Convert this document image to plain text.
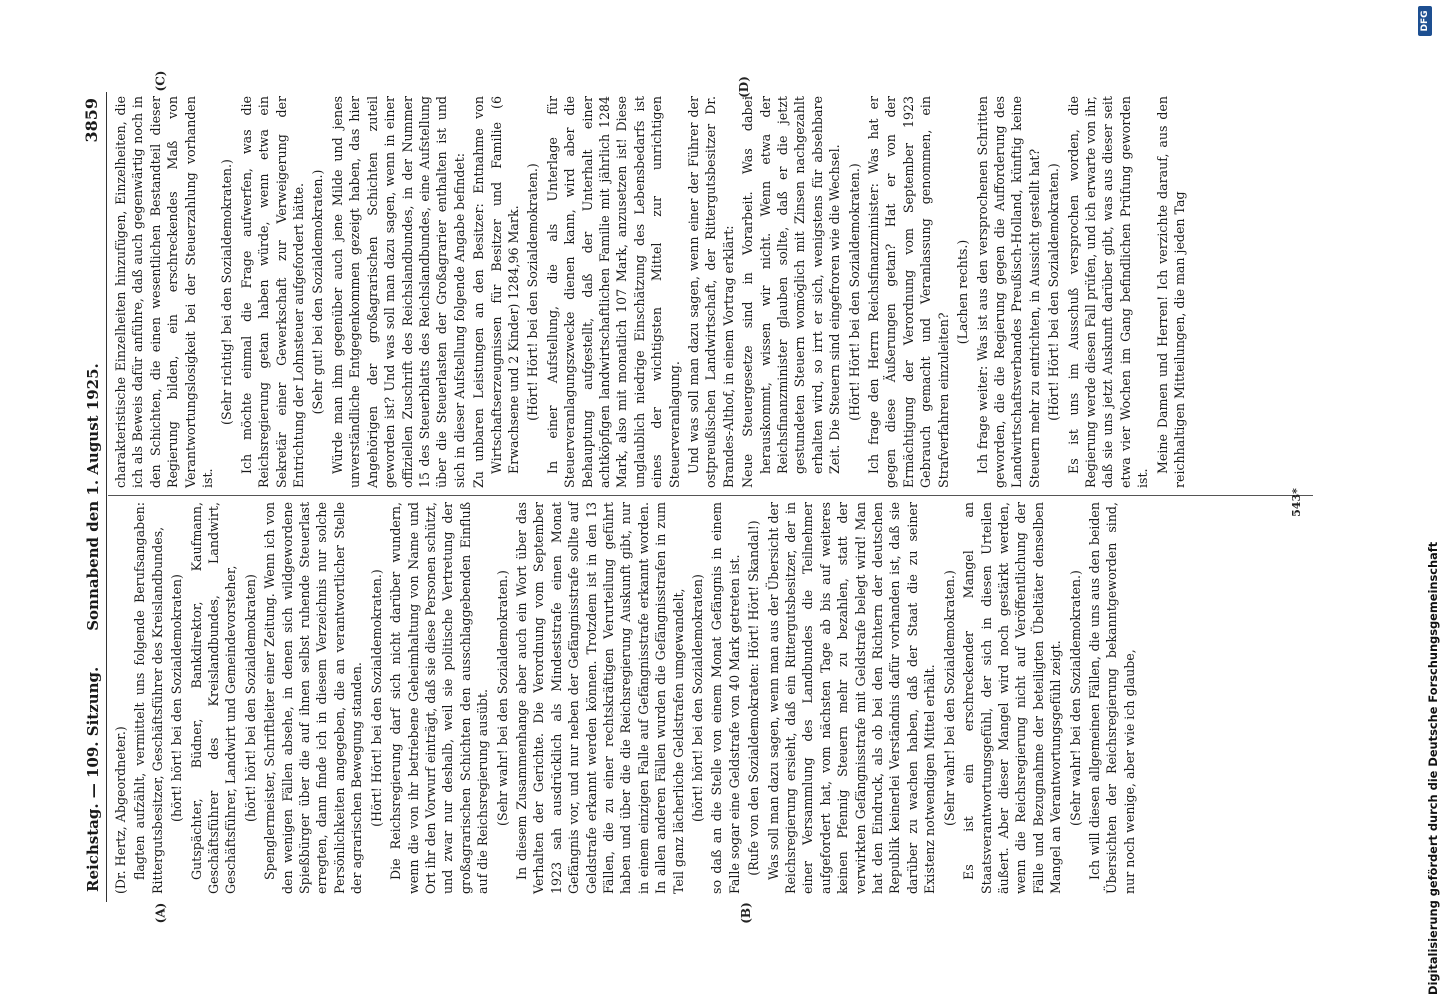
Reichstag. — 109. Sitzung.
Sonnabend den 1. August 1925.
3859

(Dr. Hertz, Abgeordneter.) flagten aufzählt, vermittelt uns folgende Berufsangaben: Rittergutsbesitzer, Geschäftsführer des Kreislandbundes, (hört! hört! bei den Sozialdemokraten) Gutspächter, Büdner, Bankdirektor, Kaufmann, Geschäftsführer des Kreislandbundes, Landwirt, Geschäftsführer, Landwirt und Gemeindevorsteher, (hört! hört! bei den Sozialdemokraten) Spenglermeister, Schriftleiter einer Zeitung. Wenn ich von den wenigen Fällen absehe, in denen sich wildgewordene Spießbürger über die auf ihnen selbst ruhende Steuerlast erregten, dann finde ich in diesem Verzeichnis nur solche Persönlichkeiten angegeben, die an verantwortlicher Stelle der agrarischen Bewegung standen. (Hört! Hört! bei den Sozialdemokraten.) Die Reichsregierung darf sich nicht darüber wundern, wenn die von ihr betriebene Geheimhaltung von Name und Ort ihr den Vorwurf einträgt, daß sie diese Personen schützt, und zwar nur deshalb, weil sie politische Vertretung der großagrarischen Schichten den ausschlaggebenden Einfluß auf die Reichsregierung ausübt. (Sehr wahr! bei den Sozialdemokraten.) In diesem Zusammenhange aber auch ein Wort über das Verhalten der Gerichte. Die Verordnung vom September 1923 sah ausdrücklich als Mindeststrafe einen Monat Gefängnis vor, und nur neben der Gefängnisstrafe sollte auf Geldstrafe erkannt werden können. Trotzdem ist in den 13 Fällen, die zu einer rechtskräftigen Verurteilung geführt haben und über die die Reichsregierung Auskunft gibt, nur in einem einzigen Falle auf Gefängnisstrafe erkannt worden. In allen anderen Fällen wurden die Gefängnisstrafen in zum Teil ganz lächerliche Geldstrafen umgewandelt, (hört! hört! bei den Sozialdemokraten) so daß an die Stelle von einem Monat Gefängnis in einem Falle sogar eine Geldstrafe von 40 Mark getreten ist. (Rufe von den Sozialdemokraten: Hört! Hört! Skandal!) Was soll man dazu sagen, wenn man aus der Übersicht der Reichsregierung ersieht, daß ein Rittergutsbesitzer, der in einer Versammlung des Landbundes die Teilnehmer aufgefordert hat, vom nächsten Tage ab bis auf weiteres keinen Pfennig Steuern mehr zu bezahlen, statt der verwirkten Gefängnisstrafe mit Geldstrafe belegt wird! Man hat den Eindruck, als ob bei den Richtern der deutschen Republik keinerlei Verständnis dafür vorhanden ist, daß sie darüber zu wachen haben, daß der Staat die zu seiner Existenz notwendigen Mittel erhält. (Sehr wahr! bei den Sozialdemokraten.) Es ist ein erschreckender Mangel an Staatsverantwortungsgefühl, der sich in diesen Urteilen äußert. Aber dieser Mangel wird noch gestärkt werden, wenn die Reichsregierung nicht auf Veröffentlichung der Fälle und Bezugnahme der beteiligten Übeltäter denselben Mangel an Verantwortungsgefühl zeigt. (Sehr wahr! bei den Sozialdemokraten.) Ich will diesen allgemeinen Fällen, die uns aus den beiden Übersichten der Reichsregierung bekanntgeworden sind, nur noch wenige, aber wie ich glaube,

charakteristische Einzelheiten hinzufügen, Einzelheiten, die ich als Beweis dafür anführe, daß auch gegenwärtig noch in den Schichten, die einen wesentlichen Bestandteil dieser Regierung bilden, ein erschreckendes Maß von Verantwortungslosigkeit bei der Steuerzahlung vorhanden ist.

(Sehr richtig! bei den Sozialdemokraten.) Ich möchte einmal die Frage aufwerfen, was die Reichsregierung getan haben würde, wenn etwa ein Sekretär einer Gewerkschaft zur Verweigerung der Entrichtung der Lohnsteuer aufgefordert hätte. (Sehr gut! bei den Sozialdemokraten.) Würde man ihm gegenüber auch jene Milde und jenes unverständliche Entgegenkommen gezeigt haben, das hier Angehörigen der großagrarischen Schichten zuteil geworden ist? Und was soll man dazu sagen, wenn in einer offiziellen Zuschrift des Reichslandbundes, in der Nummer 15 des Steuerblatts des Reichslandbundes, eine Aufstellung über die Steuerlasten der Großagrarier enthalten ist und sich in dieser Aufstellung folgende Angabe befindet: Zu unbaren Leistungen an den Besitzer: Entnahme von Wirtschaftserzeugnissen für Besitzer und Familie (6 Erwachsene und 2 Kinder) 1284,96 Mark. (Hört! Hört! bei den Sozialdemokraten.) In einer Aufstellung, die als Unterlage für Steuerveranlagungszwecke dienen kann, wird aber die Behauptung aufgestellt, daß der Unterhalt einer achtköpfigen landwirtschaftlichen Familie mit jährlich 1284 Mark, also mit monatlich 107 Mark, anzusetzen ist! Diese unglaublich niedrige Einschätzung des Lebensbedarfs ist eines der wichtigsten Mittel zur unrichtigen Steuerveranlagung. Und was soll man dazu sagen, wenn einer der Führer der ostpreußischen Landwirtschaft, der Rittergutsbesitzer Dr. Brandes-Althof, in einem Vortrag erklärt: Neue Steuergesetze sind in Vorarbeit. Was dabei herauskommt, wissen wir nicht. Wenn etwa der Reichsfinanzminister glauben sollte, daß er die jetzt gestundeten Steuern womöglich mit Zinsen nachgezahlt erhalten wird, so irrt er sich, wenigstens für absehbare Zeit. Die Steuern sind eingefroren wie die Wechsel. (Hört! Hört! bei den Sozialdemokraten.) Ich frage den Herrn Reichsfinanzminister: Was hat er gegen diese Äußerungen getan? Hat er von der Ermächtigung der Verordnung vom September 1923 Gebrauch gemacht und Veranlassung genommen, ein Strafverfahren einzuleiten?

(Lachen rechts.) Ich frage weiter: Was ist aus den versprochenen Schritten geworden, die die Regierung gegen die Aufforderung des Landwirtschaftsverbandes Preußisch-Holland, künftig keine Steuern mehr zu entrichten, in Aussicht gestellt hat? (Hört! Hört! bei den Sozialdemokraten.) Es ist uns im Ausschuß versprochen worden, die Regierung werde diesen Fall prüfen, und ich erwarte von ihr, daß sie uns jetzt Auskunft darüber gibt, was aus dieser seit etwa vier Wochen im Gang befindlichen Prüfung geworden ist.

Meine Damen und Herren! Ich verzichte darauf, aus den reichhaltigen Mitteilungen, die man jeden Tag

(A)	(B)
(C)	(D)
543*
DFG
Digitalisierung gefördert durch die Deutsche Forschungsgemeinschaft
